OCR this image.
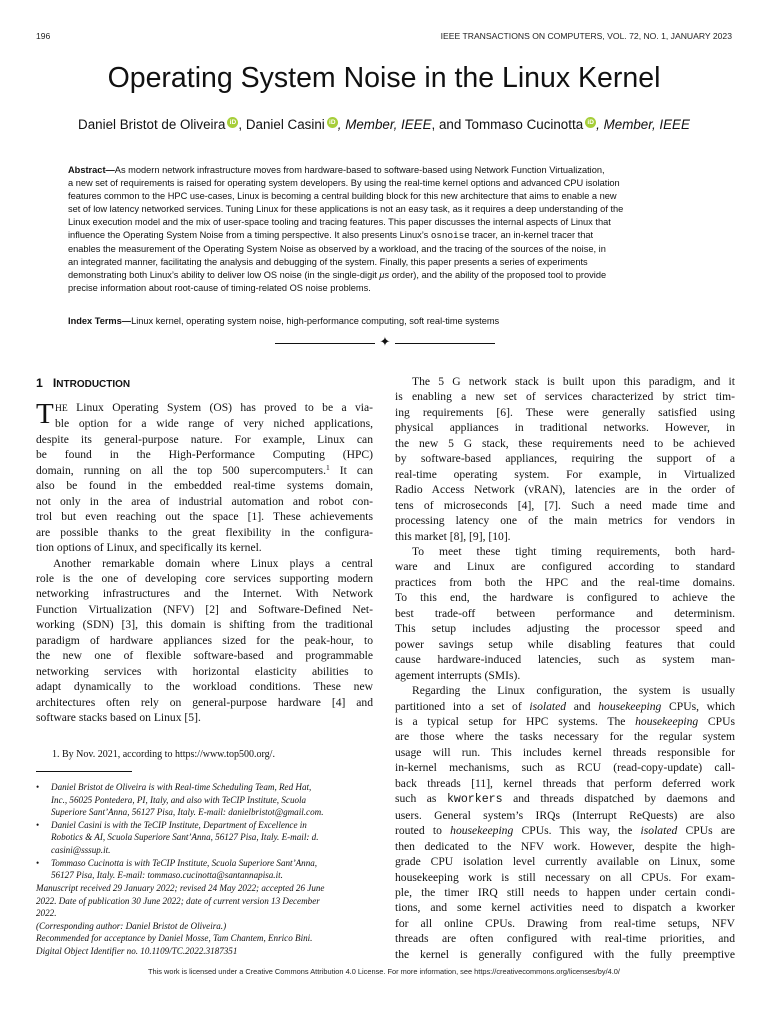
196	IEEE TRANSACTIONS ON COMPUTERS, VOL. 72, NO. 1, JANUARY 2023
Operating System Noise in the Linux Kernel
Daniel Bristot de Oliveira iD , Daniel Casini iD , Member, IEEE, and Tommaso Cucinotta iD , Member, IEEE
Abstract—As modern network infrastructure moves from hardware-based to software-based using Network Function Virtualization,
a new set of requirements is raised for operating system developers. By using the real-time kernel options and advanced CPU isolation
features common to the HPC use-cases, Linux is becoming a central building block for this new architecture that aims to enable a new
set of low latency networked services. Tuning Linux for these applications is not an easy task, as it requires a deep understanding of the
Linux execution model and the mix of user-space tooling and tracing features. This paper discusses the internal aspects of Linux that
influence the Operating System Noise from a timing perspective. It also presents Linux’s osnoise tracer, an in-kernel tracer that
enables the measurement of the Operating System Noise as observed by a workload, and the tracing of the sources of the noise, in
an integrated manner, facilitating the analysis and debugging of the system. Finally, this paper presents a series of experiments
demonstrating both Linux’s ability to deliver low OS noise (in the single-digit μs order), and the ability of the proposed tool to provide
precise information about root-cause of timing-related OS noise problems.
Index Terms—Linux kernel, operating system noise, high-performance computing, soft real-time systems
✦
1 INTRODUCTION
T HE Linux Operating System (OS) has proved to be a via-
ble option for a wide range of very niched applications,
despite its general-purpose nature. For example, Linux can
be found in the High-Performance Computing (HPC)
domain, running on all the top 500 supercomputers.$^1$ It can
also be found in the embedded real-time systems domain,
not only in the area of industrial automation and robot con-
trol but even reaching out the space [1]. These achievements
are possible thanks to the great flexibility in the configura-
tion options of Linux, and specifically its kernel.
Another remarkable domain where Linux plays a central
role is the one of developing core services supporting modern
networking infrastructures and the Internet. With Network
Function Virtualization (NFV) [2] and Software-Defined Net-
working (SDN) [3], this domain is shifting from the traditional
paradigm of hardware appliances sized for the peak-hour, to
the new one of flexible software-based and programmable
networking services with horizontal elasticity abilities to
adapt dynamically to the workload conditions. These new
architectures often rely on general-purpose hardware [4] and
software stacks based on Linux [5].
1. By Nov. 2021, according to https://www.top500.org/.
• Daniel Bristot de Oliveira is with Real-time Scheduling Team, Red Hat,
Inc., 56025 Pontedera, PI, Italy, and also with TeCIP Institute, Scuola
Superiore Sant’Anna, 56127 Pisa, Italy. E-mail: danielbristot@gmail.com.
• Daniel Casini is with the TeCIP Institute, Department of Excellence in
Robotics & AI, Scuola Superiore Sant’Anna, 56127 Pisa, Italy. E-mail: d.
casini@sssup.it.
• Tommaso Cucinotta is with TeCIP Institute, Scuola Superiore Sant’Anna,
56127 Pisa, Italy. E-mail: tommaso.cucinotta@santannapisa.it.
Manuscript received 29 January 2022; revised 24 May 2022; accepted 26 June
2022. Date of publication 30 June 2022; date of current version 13 December
2022.
(Corresponding author: Daniel Bristot de Oliveira.)
Recommended for acceptance by Daniel Mosse, Tam Chantem, Enrico Bini.
Digital Object Identifier no. 10.1109/TC.2022.3187351
The 5 G network stack is built upon this paradigm, and it
is enabling a new set of services characterized by strict tim-
ing requirements [6]. These were generally satisfied using
physical appliances in traditional networks. However, in
the new 5 G stack, these requirements need to be achieved
by software-based appliances, requiring the support of a
real-time operating system. For example, in Virtualized
Radio Access Network (vRAN), latencies are in the order of
tens of microseconds [4], [7]. Such a need made time and
processing latency one of the main metrics for vendors in
this market [8], [9], [10].
To meet these tight timing requirements, both hard-
ware and Linux are configured according to standard
practices from both the HPC and the real-time domains.
To this end, the hardware is configured to achieve the
best trade-off between performance and determinism.
This setup includes adjusting the processor speed and
power savings setup while disabling features that could
cause hardware-induced latencies, such as system man-
agement interrupts (SMIs).
Regarding the Linux configuration, the system is usually
partitioned into a set of isolated and housekeeping CPUs, which
is a typical setup for HPC systems. The housekeeping CPUs
are those where the tasks necessary for the regular system
usage will run. This includes kernel threads responsible for
in-kernel mechanisms, such as RCU (read-copy-update) call-
back threads [11], kernel threads that perform deferred work
such as kworkers and threads dispatched by daemons and
users. General system’s IRQs (Interrupt ReQuests) are also
routed to housekeeping CPUs. This way, the isolated CPUs are
then dedicated to the NFV work. However, despite the high-
grade CPU isolation level currently available on Linux, some
housekeeping work is still necessary on all CPUs. For exam-
ple, the timer IRQ still needs to happen under certain condi-
tions, and some kernel activities need to dispatch a kworker
for all online CPUs. Drawing from real-time setups, NFV
threads are often configured with real-time priorities, and
the kernel is generally configured with the fully preemptive
This work is licensed under a Creative Commons Attribution 4.0 License. For more information, see https://creativecommons.org/licenses/by/4.0/
